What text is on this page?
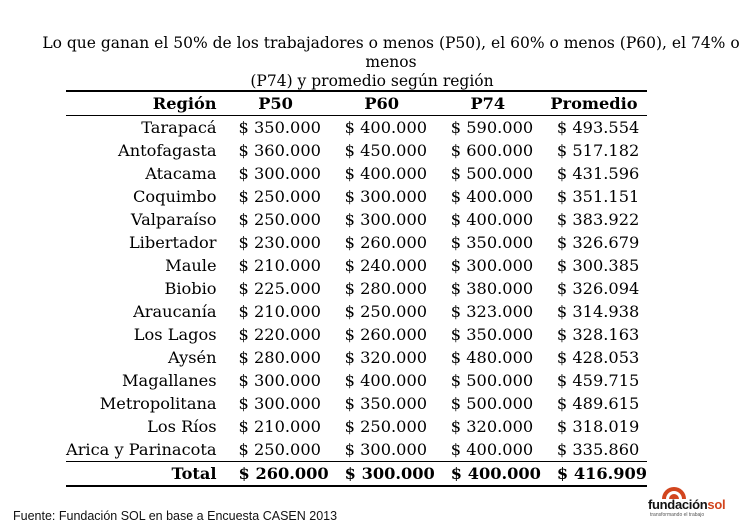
Lo que ganan el 50% de los trabajadores o menos (P50), el 60% o menos (P60), el 74% o menos
(P74) y promedio según región
Región	P50	P60	P74	Promedio
Tarapacá	$ 350.000	$ 400.000	$ 590.000	$ 493.554
Antofagasta	$ 360.000	$ 450.000	$ 600.000	$ 517.182
Atacama	$ 300.000	$ 400.000	$ 500.000	$ 431.596
Coquimbo	$ 250.000	$ 300.000	$ 400.000	$ 351.151
Valparaíso	$ 250.000	$ 300.000	$ 400.000	$ 383.922
Libertador	$ 230.000	$ 260.000	$ 350.000	$ 326.679
Maule	$ 210.000	$ 240.000	$ 300.000	$ 300.385
Biobio	$ 225.000	$ 280.000	$ 380.000	$ 326.094
Araucanía	$ 210.000	$ 250.000	$ 323.000	$ 314.938
Los Lagos	$ 220.000	$ 260.000	$ 350.000	$ 328.163
Aysén	$ 280.000	$ 320.000	$ 480.000	$ 428.053
Magallanes	$ 300.000	$ 400.000	$ 500.000	$ 459.715
Metropolitana	$ 300.000	$ 350.000	$ 500.000	$ 489.615
Los Ríos	$ 210.000	$ 250.000	$ 320.000	$ 318.019
Arica y Parinacota	$ 250.000	$ 300.000	$ 400.000	$ 335.860
Total	$ 260.000	$ 300.000	$ 400.000	$ 416.909
Fuente: Fundación SOL en base a Encuesta CASEN 2013
fundaciónsol
transformando el trabajo
